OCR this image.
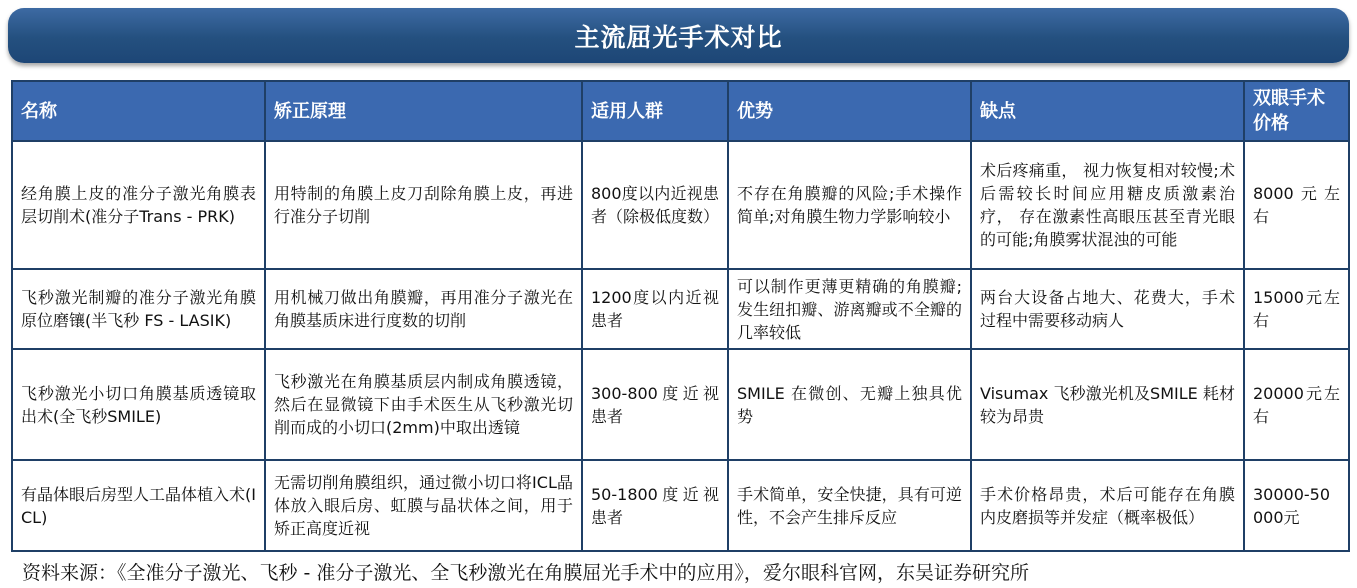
主流屈光手术对比
名称	矫正原理	适用人群	优势	缺点	双眼手术价格
经角膜上皮的准分子激光角膜表层切削术(准分子Trans - PRK)	用特制的角膜上皮刀刮除角膜上皮，再进行准分子切削	800度以内近视患者（除极低度数）	不存在角膜瓣的风险;手术操作简单;对角膜生物力学影响较小	术后疼痛重， 视力恢复相对较慢;术后需较长时间应用糖皮质激素治疗， 存在激素性高眼压甚至青光眼的可能;角膜雾状混浊的可能	8000元左右
飞秒激光制瓣的准分子激光角膜原位磨镶(半飞秒 FS - LASIK)	用机械刀做出角膜瓣，再用准分子激光在角膜基质床进行度数的切削	1200度以内近视患者	可以制作更薄更精确的角膜瓣;发生纽扣瓣、游离瓣或不全瓣的几率较低	两台大设备占地大、花费大，手术过程中需要移动病人	15000元左右
飞秒激光小切口角膜基质透镜取出术(全飞秒SMILE)	飞秒激光在角膜基质层内制成角膜透镜， 然后在显微镜下由手术医生从飞秒激光切削而成的小切口(2mm)中取出透镜	300-800度近视患者	SMILE 在微创、无瓣上独具优势	Visumax 飞秒激光机及SMILE 耗材较为昂贵	20000元左右
有晶体眼后房型人工晶体植入术(ICL)	无需切削角膜组织，通过微小切口将ICL晶体放入眼后房、虹膜与晶状体之间，用于矫正高度近视	50-1800度近视患者	手术简单，安全快捷，具有可逆性，不会产生排斥反应	手术价格昂贵，术后可能存在角膜内皮磨损等并发症（概率极低）	30000-50000元
资料来源：《全准分子激光、飞秒 - 准分子激光、全飞秒激光在角膜屈光手术中的应用》，爱尔眼科官网，东吴证券研究所
